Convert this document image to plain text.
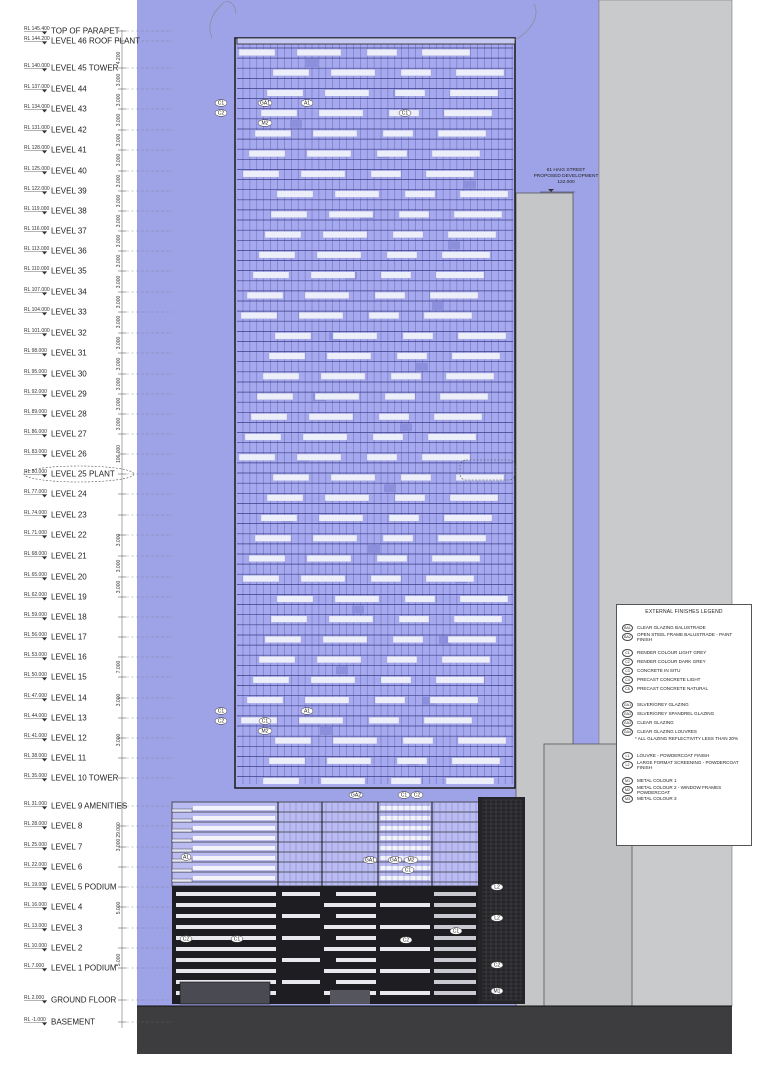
RL 145.400 TOP OF PARAPET
RL 144.200 LEVEL 46 ROOF PLANT
RL 140.000 LEVEL 45 TOWER
RL 137.000 LEVEL 44
RL 134.000 LEVEL 43
RL 131.000 LEVEL 42
RL 128.000 LEVEL 41
RL 125.000 LEVEL 40
RL 122.000 LEVEL 39
RL 119.000 LEVEL 38
RL 116.000 LEVEL 37
RL 113.000 LEVEL 36
RL 110.000 LEVEL 35
RL 107.000 LEVEL 34
RL 104.000 LEVEL 33
RL 101.000 LEVEL 32
RL 98.000 LEVEL 31
RL 95.000 LEVEL 30
RL 92.000 LEVEL 29
RL 89.000 LEVEL 28
RL 86.000 LEVEL 27
RL 83.000 LEVEL 26
RL 80.000 LEVEL 25 PLANT
RL 77.000 LEVEL 24
RL 74.000 LEVEL 23
RL 71.000 LEVEL 22
RL 68.000 LEVEL 21
RL 65.000 LEVEL 20
RL 62.000 LEVEL 19
RL 59.000 LEVEL 18
RL 56.000 LEVEL 17
RL 53.000 LEVEL 16
RL 50.000 LEVEL 15
RL 47.000 LEVEL 14
RL 44.000 LEVEL 13
RL 41.000 LEVEL 12
RL 38.000 LEVEL 11
RL 35.000 LEVEL 10 TOWER
RL 31.000 LEVEL 9 AMENITIES
RL 28.000 LEVEL 8
RL 25.000 LEVEL 7
RL 22.000 LEVEL 6
RL 19.000 LEVEL 5 PODIUM
RL 16.000 LEVEL 4
RL 13.000 LEVEL 3
RL 10.000 LEVEL 2
RL 7.000 LEVEL 1 PODIUM
RL 2.000 GROUND FLOOR
RL -1.000 BASEMENT
4.200
3.000
3.000
3.000
3.000
3.000
3.000
3.000
3.000
3.000
3.000
3.000
3.000
3.000
106.000
3.000
3.000
3.000
3.000
3.000
3.000
3.000
3.000
7.000
3.000
3.000
29.000
3.000
5.000
5.000
C1
C2
GA1
M2
A1
C1
C1
C2	C1
M2
A1
GA2	C1 C2
GA1	GA1 M2
C1
A1
C2	C1	C2
C1
L2
L2
C2
M1
61 HAIG STREET
PROPOSED DEVELOPMENT
122.000
EXTERNAL FINISHES LEGEND
BA1	CLEAR GLAZING BALUSTRADE
BA2	OPEN STEEL FRAME BALUSTRADE - PAINT FINISH
C1	RENDER COLOUR LIGHT GREY
C2	RENDER COLOUR DARK GREY
C3	CONCRETE IN SITU
C4	PRECAST CONCRETE LIGHT
C5	PRECAST CONCRETE NATURAL
GA1	SILVER/GREY GLAZING
GA2	SILVER/GREY SPANDREL GLAZING
GA3	CLEAR GLAZING
GA4	CLEAR GLAZING LOUVRES
* ALL GLAZING REFLECTIVITY LESS THAN 20%
L1	LOUVRE - POWDERCOAT FINISH
L2	LARGE FORMAT SCREENING - POWDERCOAT FINISH
M1	METAL COLOUR 1
M2	METAL COLOUR 2 - WINDOW FRAMES POWDERCOAT
M3	METAL COLOUR 3
